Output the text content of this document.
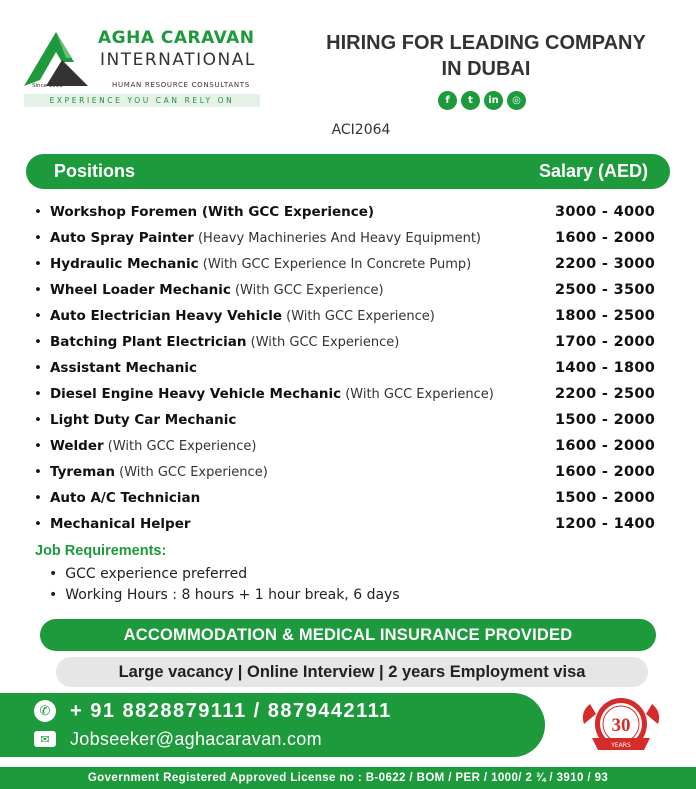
Since 1993
AGHA CARAVAN
INTERNATIONAL
HUMAN RESOURCE CONSULTANTS
EXPERIENCE YOU CAN RELY ON
HIRING FOR LEADING COMPANY
IN DUBAI
f	t	in	◎
ACI2064
Positions	Salary (AED)
• Workshop Foremen (With GCC Experience)	3000 - 4000
• Auto Spray Painter (Heavy Machineries And Heavy Equipment)	1600 - 2000
• Hydraulic Mechanic (With GCC Experience In Concrete Pump)	2200 - 3000
• Wheel Loader Mechanic (With GCC Experience)	2500 - 3500
• Auto Electrician Heavy Vehicle (With GCC Experience)	1800 - 2500
• Batching Plant Electrician (With GCC Experience)	1700 - 2000
• Assistant Mechanic	1400 - 1800
• Diesel Engine Heavy Vehicle Mechanic (With GCC Experience)	2200 - 2500
• Light Duty Car Mechanic	1500 - 2000
• Welder (With GCC Experience)	1600 - 2000
• Tyreman (With GCC Experience)	1600 - 2000
• Auto A/C Technician	1500 - 2000
• Mechanical Helper	1200 - 1400
Job Requirements:
• GCC experience preferred
• Working Hours : 8 hours + 1 hour break, 6 days
ACCOMMODATION & MEDICAL INSURANCE PROVIDED
Large vacancy | Online Interview | 2 years Employment visa
✆ + 91 8828879111 / 8879442111
✉	Jobseeker@aghacaravan.com
30
YEARS
Government Registered Approved License no : B-0622 / BOM / PER / 1000/ 2 ¾ / 3910 / 93
